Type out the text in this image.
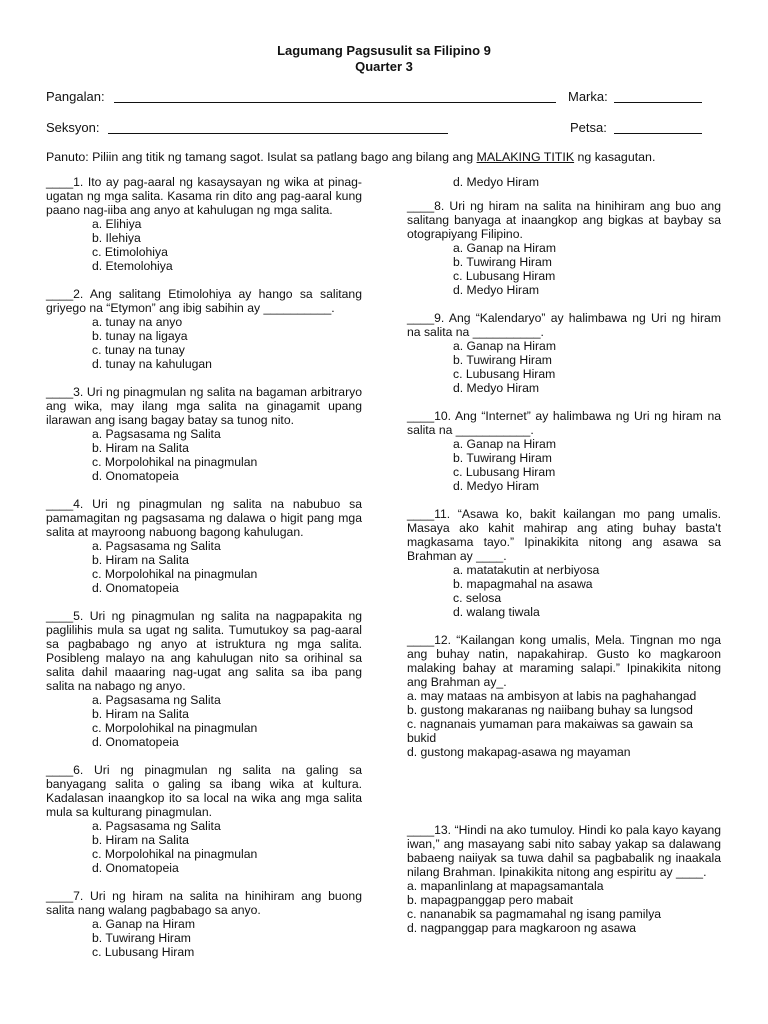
Lagumang Pagsusulit sa Filipino 9
Quarter 3
Pangalan:	Marka:
Seksyon:	Petsa:
Panuto: Piliin ang titik ng tamang sagot. Isulat sa patlang bago ang bilang ang MALAKING TITIK ng kasagutan.
____1. Ito ay pag-aaral ng kasaysayan ng wika at pinag-ugatan ng mga salita. Kasama rin dito ang pag-aaral kung paano nag-iiba ang anyo at kahulugan ng mga salita.
a. Elihiya
b. Ilehiya
c. Etimolohiya
d. Etemolohiya
____2. Ang salitang Etimolohiya ay hango sa salitang griyego na “Etymon” ang ibig sabihin ay __________.
a. tunay na anyo
b. tunay na ligaya
c. tunay na tunay
d. tunay na kahulugan
____3. Uri ng pinagmulan ng salita na bagaman arbitraryo ang wika, may ilang mga salita na ginagamit upang ilarawan ang isang bagay batay sa tunog nito.
a. Pagsasama ng Salita
b. Hiram na Salita
c. Morpolohikal na pinagmulan
d. Onomatopeia
____4. Uri ng pinagmulan ng salita na nabubuo sa pamamagitan ng pagsasama ng dalawa o higit pang mga salita at mayroong nabuong bagong kahulugan.
a. Pagsasama ng Salita
b. Hiram na Salita
c. Morpolohikal na pinagmulan
d. Onomatopeia
____5. Uri ng pinagmulan ng salita na nagpapakita ng paglilihis mula sa ugat ng salita. Tumutukoy sa pag-aaral sa pagbabago ng anyo at istruktura ng mga salita. Posibleng malayo na ang kahulugan nito sa orihinal sa salita dahil maaaring nag-ugat ang salita sa iba pang salita na nabago ng anyo.
a. Pagsasama ng Salita
b. Hiram na Salita
c. Morpolohikal na pinagmulan
d. Onomatopeia
____6. Uri ng pinagmulan ng salita na galing sa banyagang salita o galing sa ibang wika at kultura. Kadalasan inaangkop ito sa local na wika ang mga salita mula sa kulturang pinagmulan.
a. Pagsasama ng Salita
b. Hiram na Salita
c. Morpolohikal na pinagmulan
d. Onomatopeia
____7. Uri ng hiram na salita na hinihiram ang buong salita nang walang pagbabago sa anyo.
a. Ganap na Hiram
b. Tuwirang Hiram
c. Lubusang Hiram
d. Medyo Hiram
____8. Uri ng hiram na salita na hinihiram ang buo ang salitang banyaga at inaangkop ang bigkas at baybay sa otograpiyang Filipino.
a. Ganap na Hiram
b. Tuwirang Hiram
c. Lubusang Hiram
d. Medyo Hiram
____9. Ang “Kalendaryo” ay halimbawa ng Uri ng hiram na salita na __________.
a. Ganap na Hiram
b. Tuwirang Hiram
c. Lubusang Hiram
d. Medyo Hiram
____10. Ang “Internet” ay halimbawa ng Uri ng hiram na salita na ___________.
a. Ganap na Hiram
b. Tuwirang Hiram
c. Lubusang Hiram
d. Medyo Hiram
____11. “Asawa ko, bakit kailangan mo pang umalis. Masaya ako kahit mahirap ang ating buhay basta't magkasama tayo.” Ipinakikita nitong ang asawa sa Brahman ay ____.
a. matatakutin at nerbiyosa
b. mapagmahal na asawa
c. selosa
d. walang tiwala
____12. “Kailangan kong umalis, Mela. Tingnan mo nga ang buhay natin, napakahirap. Gusto ko magkaroon malaking bahay at maraming salapi.” Ipinakikita nitong ang Brahman ay_.
a. may mataas na ambisyon at labis na paghahangad
b. gustong makaranas ng naiibang buhay sa lungsod
c. nagnanais yumaman para makaiwas sa gawain sa bukid
d. gustong makapag-asawa ng mayaman
____13. “Hindi na ako tumuloy. Hindi ko pala kayo kayang iwan,” ang masayang sabi nito sabay yakap sa dalawang babaeng naiiyak sa tuwa dahil sa pagbabalik ng inaakala nilang Brahman. Ipinakikita nitong ang espiritu ay ____.
a. mapanlinlang at mapagsamantala
b. mapagpanggap pero mabait
c. nananabik sa pagmamahal ng isang pamilya
d. nagpanggap para magkaroon ng asawa
